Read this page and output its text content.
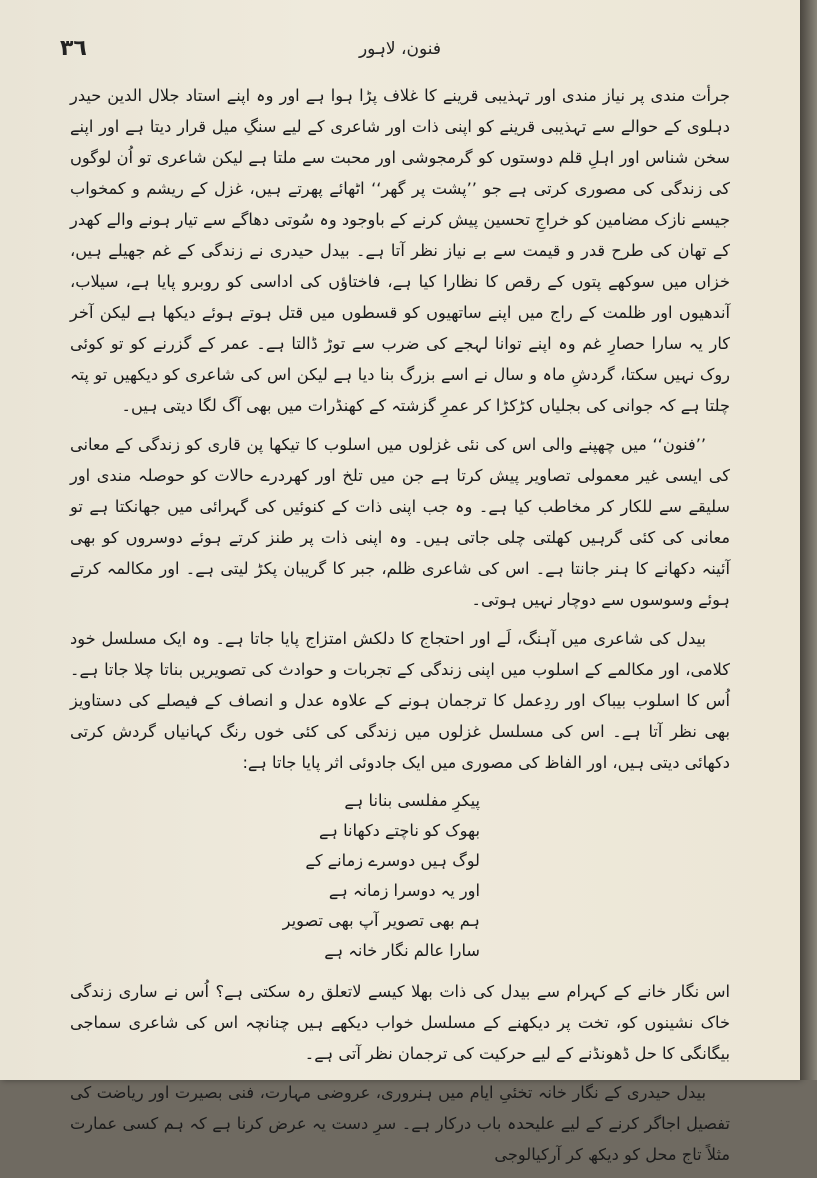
۳٦	فنون، لاہور

جرأت مندی پر نیاز مندی اور تہذیبی قرینے کا غلاف پڑا ہوا ہے اور وہ اپنے استاد جلال الدین حیدر دہلوی کے حوالے سے تہذیبی قرینے کو اپنی ذات اور شاعری کے لیے سنگِ میل قرار دیتا ہے اور اپنے سخن شناس اور اہلِ قلم دوستوں کو گرمجوشی اور محبت سے ملتا ہے لیکن شاعری تو اُن لوگوں کی زندگی کی مصوری کرتی ہے جو ’’پشت پر گھر‘‘ اٹھائے پھرتے ہیں، غزل کے ریشم و کمخواب جیسے نازک مضامین کو خراجِ تحسین پیش کرنے کے باوجود وہ سُوتی دھاگے سے تیار ہونے والے کھدر کے تھان کی طرح قدر و قیمت سے بے نیاز نظر آتا ہے۔ بیدل حیدری نے زندگی کے غم جھیلے ہیں، خزاں میں سوکھے پتوں کے رقص کا نظارا کیا ہے، فاختاؤں کی اداسی کو روبرو پایا ہے، سیلاب، آندھیوں اور ظلمت کے راج میں اپنے ساتھیوں کو قسطوں میں قتل ہوتے ہوئے دیکھا ہے لیکن آخر کار یہ سارا حصارِ غم وہ اپنے توانا لہجے کی ضرب سے توڑ ڈالتا ہے۔ عمر کے گزرنے کو تو کوئی روک نہیں سکتا، گردشِ ماہ و سال نے اسے بزرگ بنا دیا ہے لیکن اس کی شاعری کو دیکھیں تو پتہ چلتا ہے کہ جوانی کی بجلیاں کڑکڑا کر عمرِ گزشتہ کے کھنڈرات میں بھی آگ لگا دیتی ہیں۔

’’فنون‘‘ میں چھپنے والی اس کی نئی غزلوں میں اسلوب کا تیکھا پن قاری کو زندگی کے معانی کی ایسی غیر معمولی تصاویر پیش کرتا ہے جن میں تلخ اور کھردرے حالات کو حوصلہ مندی اور سلیقے سے للکار کر مخاطب کیا ہے۔ وہ جب اپنی ذات کے کنوئیں کی گہرائی میں جھانکتا ہے تو معانی کی کئی گرہیں کھلتی چلی جاتی ہیں۔ وہ اپنی ذات پر طنز کرتے ہوئے دوسروں کو بھی آئینہ دکھانے کا ہنر جانتا ہے۔ اس کی شاعری ظلم، جبر کا گریبان پکڑ لیتی ہے۔ اور مکالمہ کرتے ہوئے وسوسوں سے دوچار نہیں ہوتی۔

بیدل کی شاعری میں آہنگ، لَے اور احتجاج کا دلکش امتزاج پایا جاتا ہے۔ وہ ایک مسلسل خود کلامی، اور مکالمے کے اسلوب میں اپنی زندگی کے تجربات و حوادث کی تصویریں بناتا چلا جاتا ہے۔ اُس کا اسلوب بیباک اور ردِعمل کا ترجمان ہونے کے علاوہ عدل و انصاف کے فیصلے کی دستاویز بھی نظر آتا ہے۔ اس کی مسلسل غزلوں میں زندگی کی کئی خوں رنگ کہانیاں گردش کرتی دکھائی دیتی ہیں، اور الفاظ کی مصوری میں ایک جادوئی اثر پایا جاتا ہے:

پیکرِ مفلسی بنانا ہے
بھوک کو ناچتے دکھانا ہے
لوگ ہیں دوسرے زمانے کے
اور یہ دوسرا زمانہ ہے
ہم بھی تصویر آپ بھی تصویر
سارا عالم نگار خانہ ہے

اس نگار خانے کے کہرام سے بیدل کی ذات بھلا کیسے لاتعلق رہ سکتی ہے؟ اُس نے ساری زندگی خاک نشینوں کو، تخت پر دیکھنے کے مسلسل خواب دیکھے ہیں چنانچہ اس کی شاعری سماجی بیگانگی کا حل ڈھونڈنے کے لیے حرکیت کی ترجمان نظر آتی ہے۔

بیدل حیدری کے نگار خانہ تخئیِ ایام میں ہنروری، عروضی مہارت، فنی بصیرت اور ریاضت کی تفصیل اجاگر کرنے کے لیے علیحدہ باب درکار ہے۔ سرِ دست یہ عرض کرنا ہے کہ ہم کسی عمارت مثلاً تاج محل کو دیکھ کر آرکیالوجی
